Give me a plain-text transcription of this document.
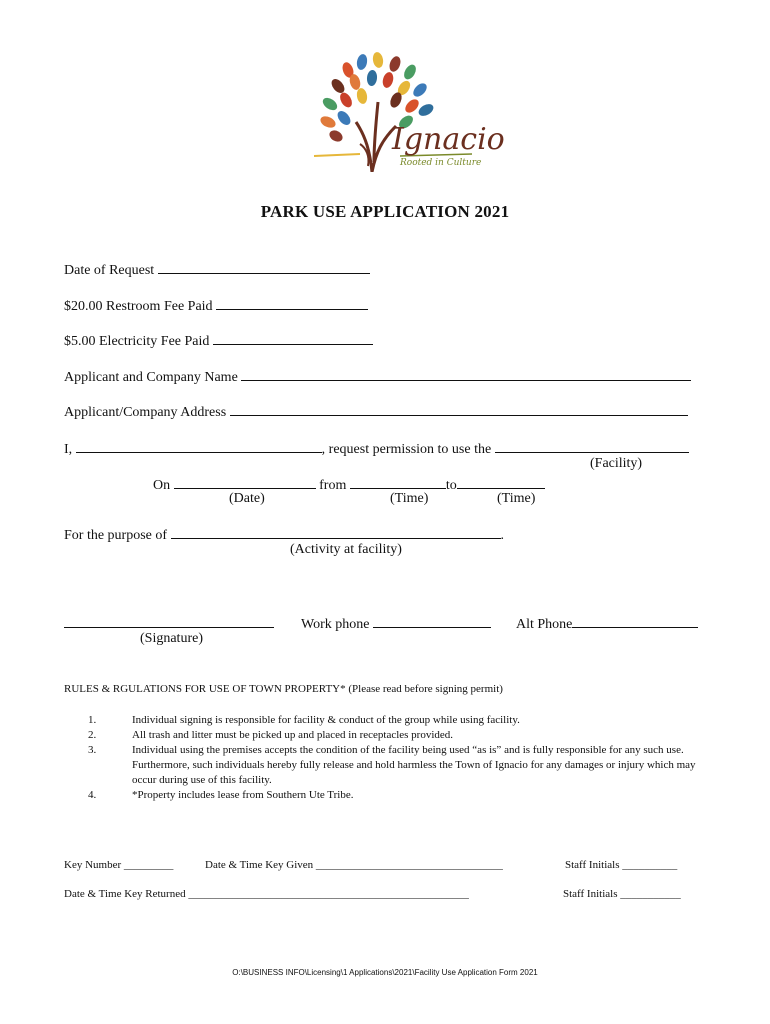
Ignacio
Rooted in Culture
PARK USE APPLICATION 2021
Date of Request
$20.00 Restroom Fee Paid
$5.00 Electricity Fee Paid
Applicant and Company Name
Applicant/Company Address
I,	, request permission to use the
(Facility)
On	from	to
(Date)	(Time)	(Time)
For the purpose of	.
(Activity at facility)
(Signature)
Work phone	Alt Phone
RULES & RGULATIONS FOR USE OF TOWN PROPERTY* (Please read before signing permit)
1.	Individual signing is responsible for facility & conduct of the group while using facility.
2.	All trash and litter must be picked up and placed in receptacles provided.
3.	Individual using the premises accepts the condition of the facility being used “as is” and is fully responsible for any such use. Furthermore, such individuals hereby fully release and hold harmless the Town of Ignacio for any damages or injury which may occur during use of this facility.
4.	*Property includes lease from Southern Ute Tribe.
Key Number _________	Date & Time Key Given __________________________________	Staff Initials __________
Date & Time Key Returned ___________________________________________________	Staff Initials ___________
O:\BUSINESS INFO\Licensing\1 Applications\2021\Facility Use Application Form 2021
